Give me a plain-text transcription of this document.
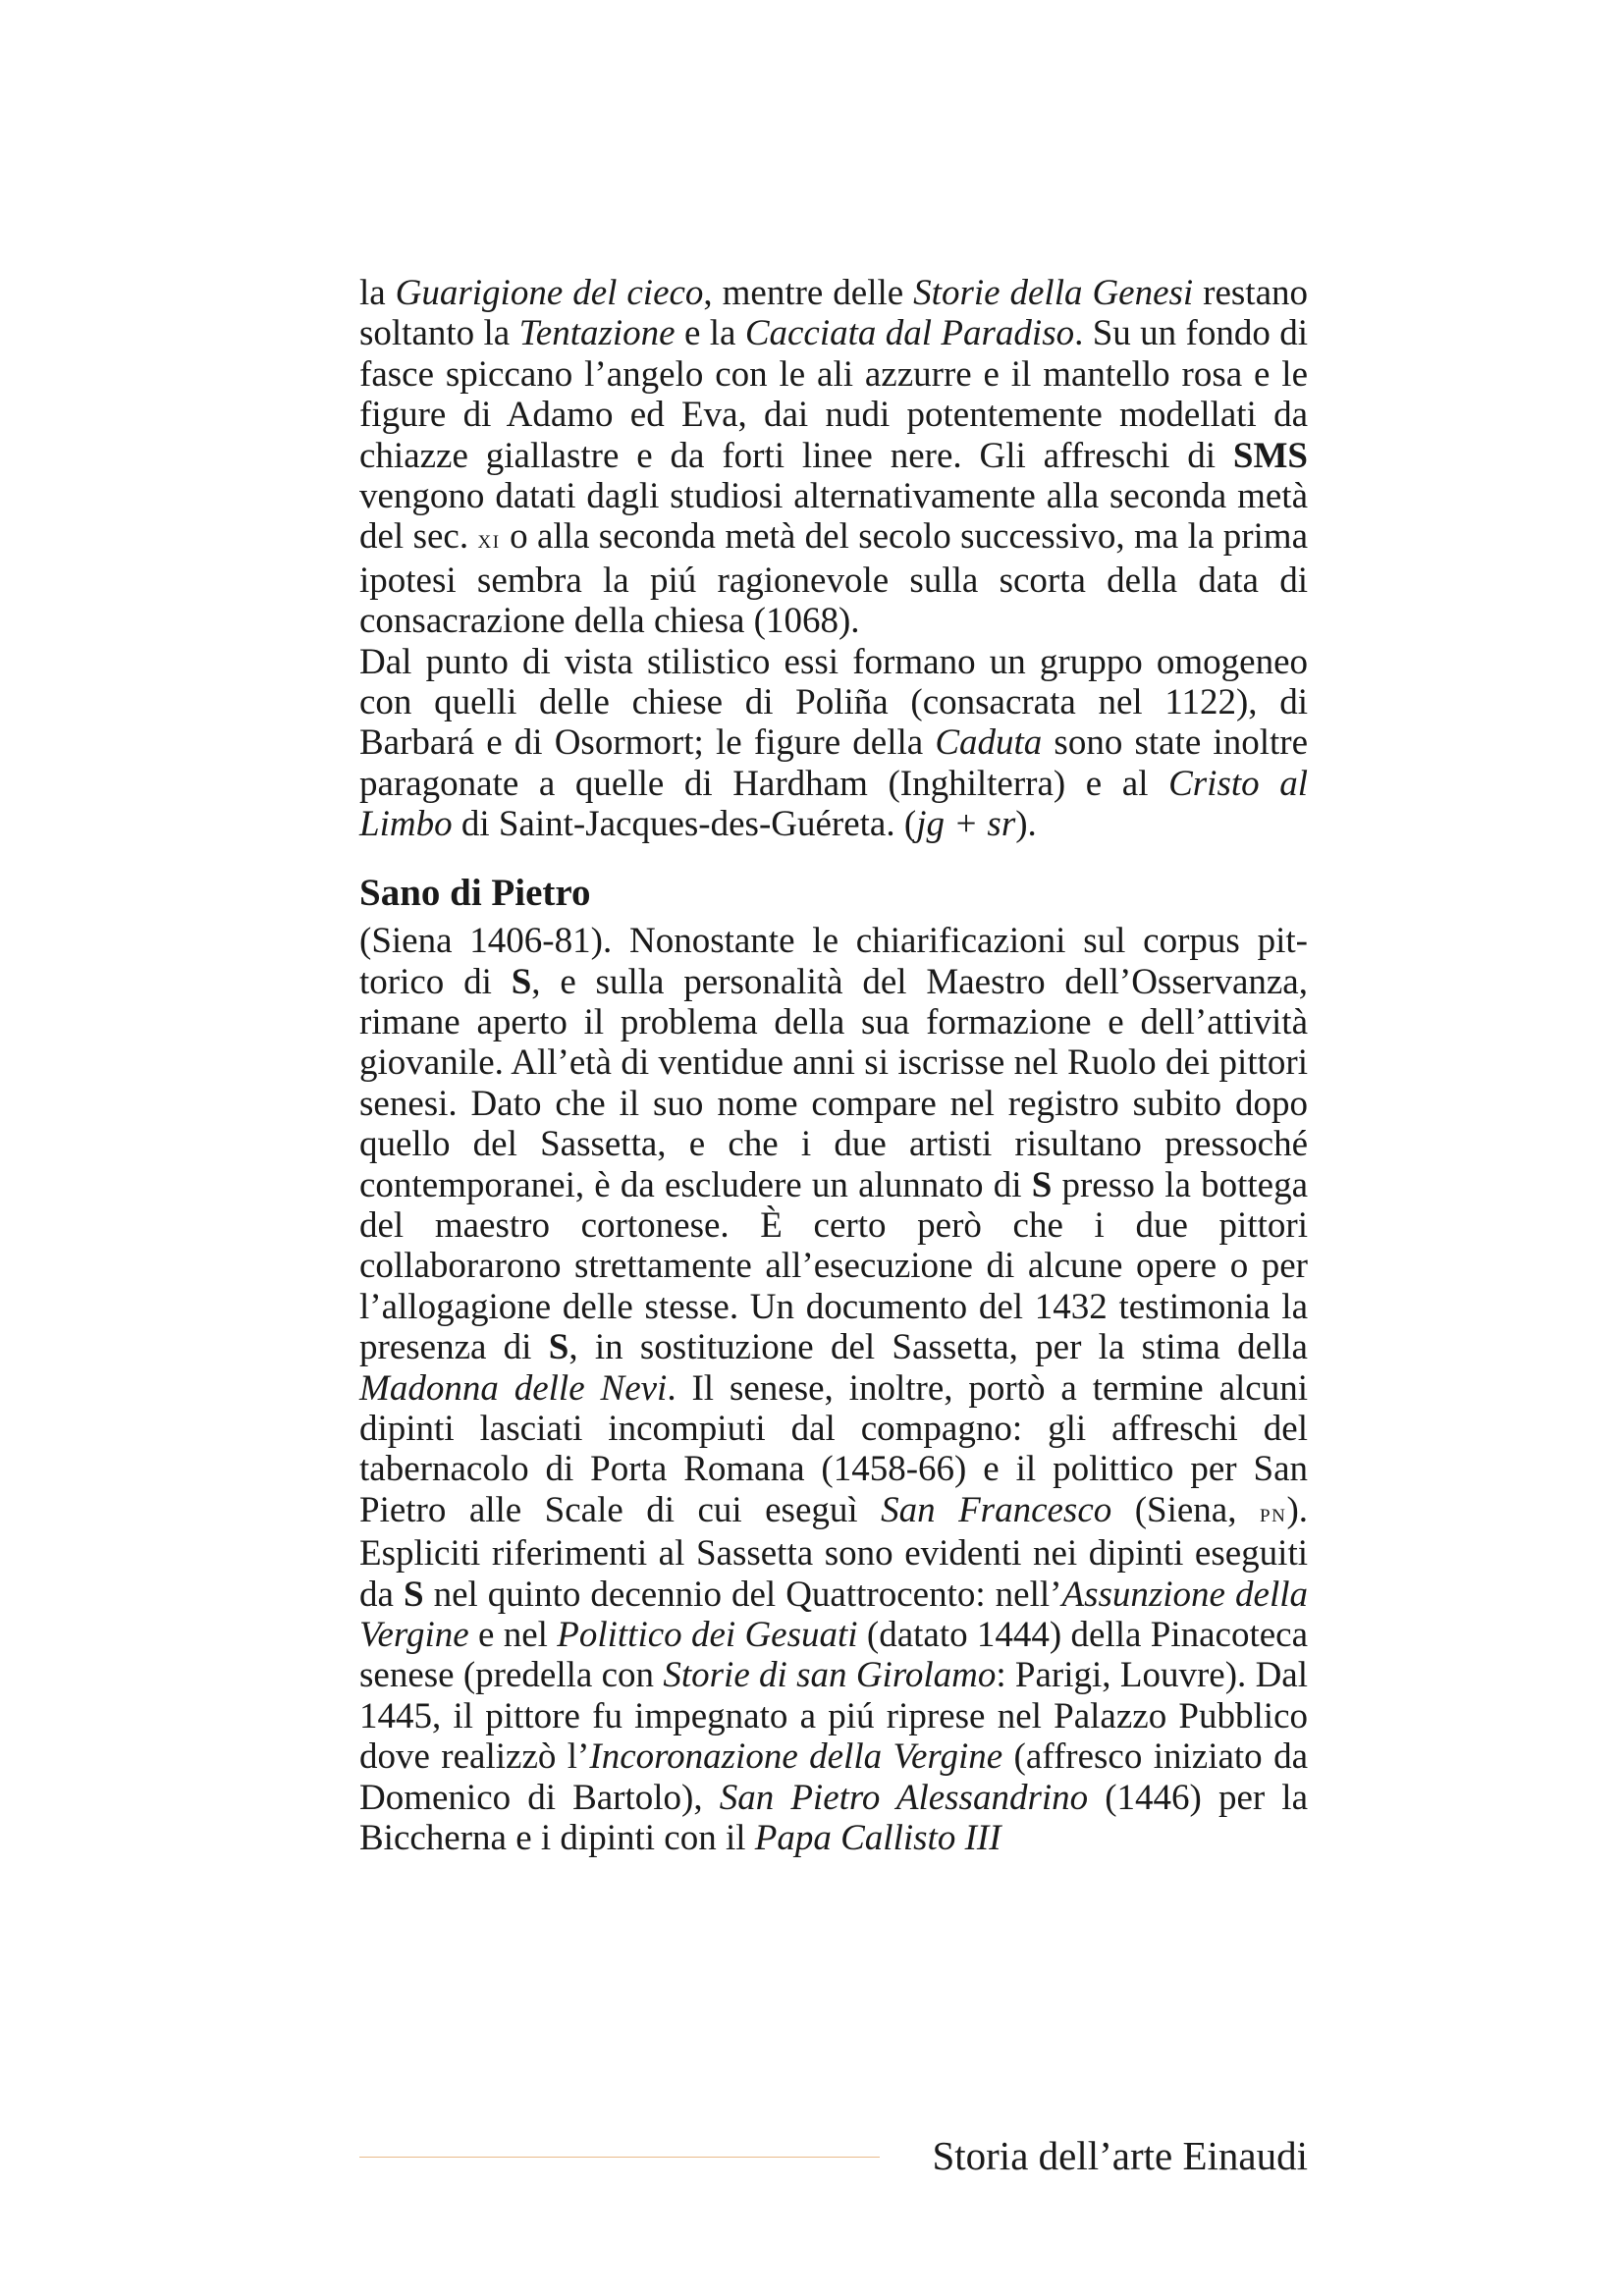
la Guarigione del cieco, mentre delle Storie della Genesi restano soltanto la Tentazione e la Cacciata dal Paradiso. Su un fondo di fasce spiccano l’angelo con le ali azzurre e il mantello rosa e le figure di Adamo ed Eva, dai nudi potentemente modellati da chiazze giallastre e da forti linee nere. Gli affreschi di SMS vengono datati dagli studiosi alternativamente alla seconda metà del sec. xi o alla seconda metà del secolo successivo, ma la prima ipotesi sembra la piú ragionevole sulla scorta della data di consacrazione della chiesa (1068).

Dal punto di vista stilistico essi formano un gruppo omogeneo con quelli delle chiese di Poliña (consacrata nel 1122), di Barbará e di Osormort; le figure della Caduta sono state inoltre paragonate a quelle di Hardham (Inghilterra) e al Cristo al Limbo di Saint-Jacques-des-Guéreta. (jg + sr).

Sano di Pietro

(Siena 1406-81). Nonostante le chiarificazioni sul corpus pittorico di S, e sulla personalità del Maestro dell’Osservanza, rimane aperto il problema della sua formazione e dell’attività giovanile. All’età di ventidue anni si iscrisse nel Ruolo dei pittori senesi. Dato che il suo nome compare nel registro subito dopo quello del Sassetta, e che i due artisti risultano pressoché contemporanei, è da escludere un alunnato di S presso la bottega del maestro cortonese. È certo però che i due pittori collaborarono strettamente all’esecuzione di alcune opere o per l’allogagione delle stesse. Un documento del 1432 testimonia la presenza di S, in sostituzione del Sassetta, per la stima della Madonna delle Nevi. Il senese, inoltre, portò a termine alcuni dipinti lasciati incompiuti dal compagno: gli affreschi del tabernacolo di Porta Romana (1458-66) e il polittico per San Pietro alle Scale di cui eseguì San Francesco (Siena, pn). Espliciti riferimenti al Sassetta sono evidenti nei dipinti eseguiti da S nel quinto decennio del Quattrocento: nell’Assunzione della Vergine e nel Polittico dei Gesuati (datato 1444) della Pinacoteca senese (predella con Storie di san Girolamo: Parigi, Louvre). Dal 1445, il pittore fu impegnato a piú riprese nel Palazzo Pubblico dove realizzò l’Incoronazione della Vergine (affresco iniziato da Domenico di Bartolo), San Pietro Alessandrino (1446) per la Biccherna e i dipinti con il Papa Callisto III

Storia dell’arte Einaudi
